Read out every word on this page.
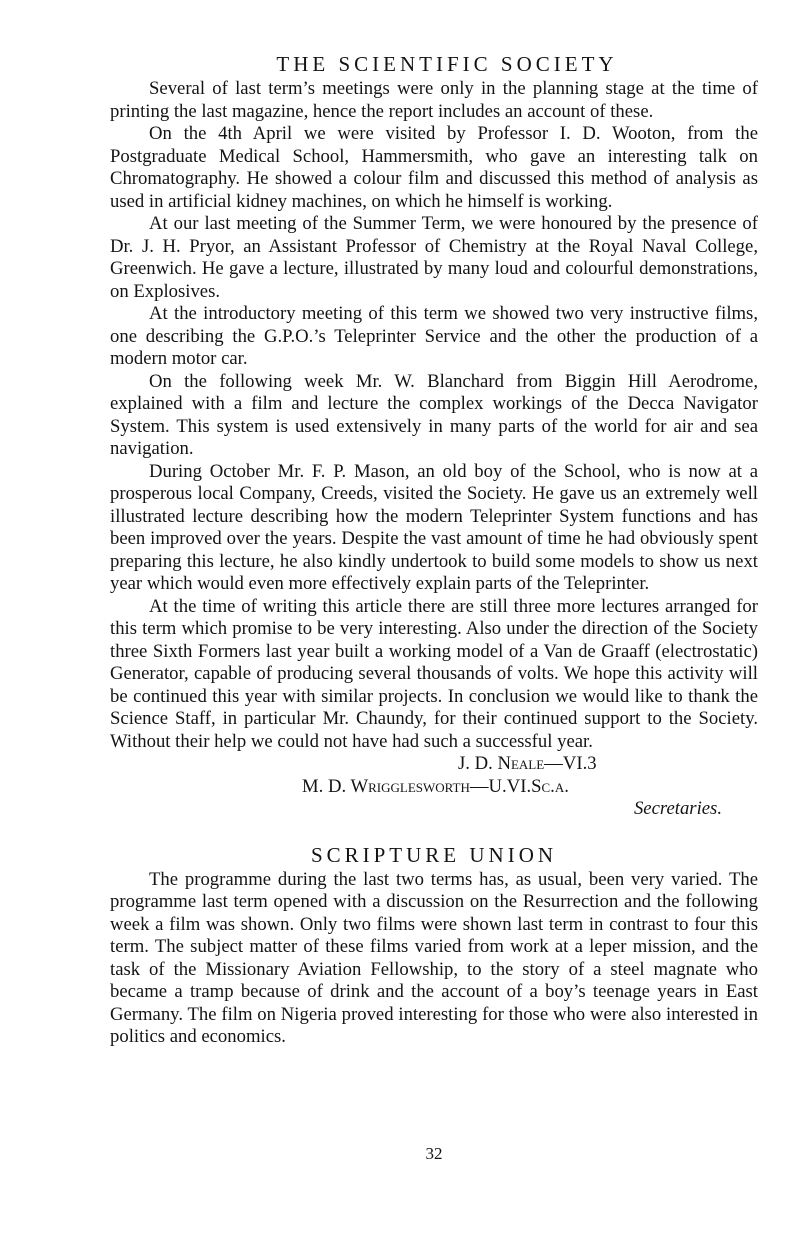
THE SCIENTIFIC SOCIETY

Several of last term’s meetings were only in the planning stage at the time of printing the last magazine, hence the report includes an account of these.

On the 4th April we were visited by Professor I. D. Wooton, from the Postgraduate Medical School, Hammersmith, who gave an interesting talk on Chromatography. He showed a colour film and discussed this method of analysis as used in artificial kidney machines, on which he himself is working.

At our last meeting of the Summer Term, we were honoured by the presence of Dr. J. H. Pryor, an Assistant Professor of Chemistry at the Royal Naval College, Greenwich. He gave a lecture, illustrated by many loud and colourful demonstrations, on Explosives.

At the introductory meeting of this term we showed two very instructive films, one describing the G.P.O.’s Teleprinter Service and the other the production of a modern motor car.

On the following week Mr. W. Blanchard from Biggin Hill Aerodrome, explained with a film and lecture the complex workings of the Decca Navigator System. This system is used extensively in many parts of the world for air and sea navigation.

During October Mr. F. P. Mason, an old boy of the School, who is now at a prosperous local Company, Creeds, visited the Society. He gave us an extremely well illustrated lecture describing how the modern Teleprinter System functions and has been improved over the years. Despite the vast amount of time he had obviously spent preparing this lecture, he also kindly undertook to build some models to show us next year which would even more effectively explain parts of the Teleprinter.

At the time of writing this article there are still three more lectures arranged for this term which promise to be very interesting. Also under the direction of the Society three Sixth Formers last year built a working model of a Van de Graaff (electrostatic) Generator, capable of producing several thousands of volts. We hope this activity will be continued this year with similar projects. In conclusion we would like to thank the Science Staff, in particular Mr. Chaundy, for their continued support to the Society. Without their help we could not have had such a successful year.

J. D. Neale—VI.3

M. D. Wrigglesworth—U.VI.Sc.a.

Secretaries.

SCRIPTURE UNION

The programme during the last two terms has, as usual, been very varied. The programme last term opened with a discussion on the Resurrection and the following week a film was shown. Only two films were shown last term in contrast to four this term. The subject matter of these films varied from work at a leper mission, and the task of the Missionary Aviation Fellowship, to the story of a steel magnate who became a tramp because of drink and the account of a boy’s teenage years in East Germany. The film on Nigeria proved interesting for those who were also interested in politics and economics.

32
